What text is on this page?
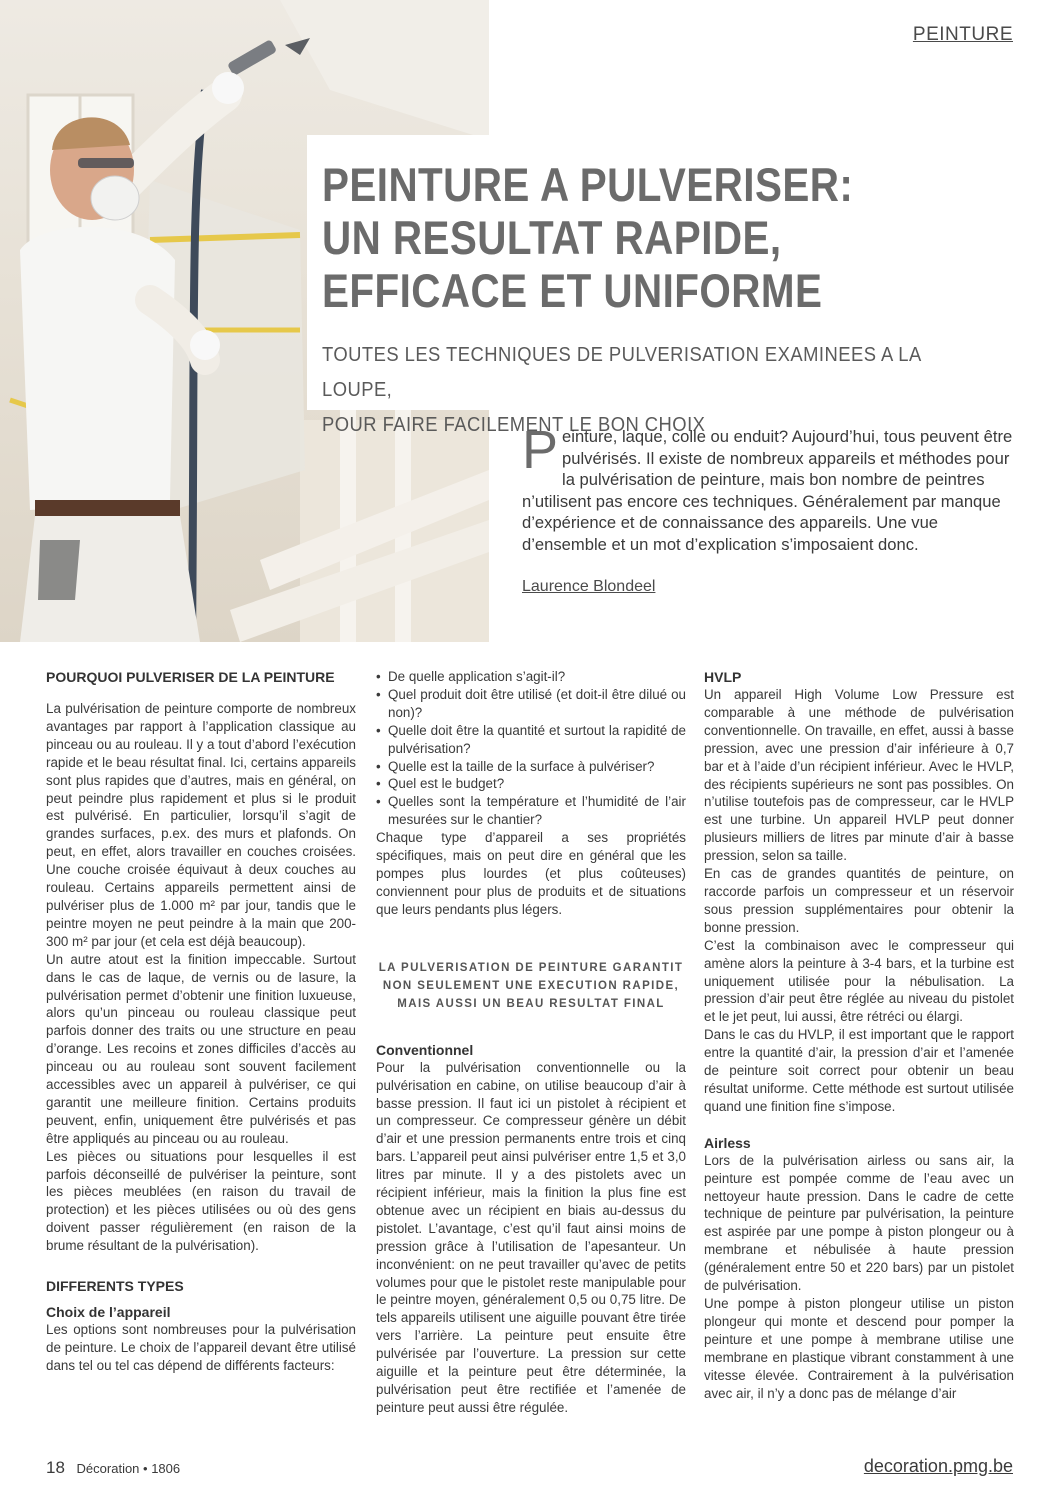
PEINTURE
PEINTURE A PULVERISER:
UN RESULTAT RAPIDE,
EFFICACE ET UNIFORME
TOUTES LES TECHNIQUES DE PULVERISATION EXAMINEES A LA LOUPE,
POUR FAIRE FACILEMENT LE BON CHOIX
Peinture, laque, colle ou enduit? Aujourd’hui, tous peuvent être pulvérisés. Il existe de nombreux appareils et méthodes pour la pulvérisation de peinture, mais bon nombre de peintres n’utilisent pas encore ces techniques. Généralement par manque d’expérience et de connaissance des appareils. Une vue d’ensemble et un mot d’explication s’imposaient donc.
Laurence Blondeel
POURQUOI PULVERISER DE LA PEINTURE

La pulvérisation de peinture comporte de nombreux avantages par rapport à l’application classique au pinceau ou au rouleau. Il y a tout d’abord l’exécution rapide et le beau résultat final. Ici, certains appareils sont plus rapides que d’autres, mais en général, on peut peindre plus rapidement et plus si le produit est pulvérisé. En particulier, lorsqu’il s’agit de grandes surfaces, p.ex. des murs et plafonds. On peut, en effet, alors travailler en couches croisées. Une couche croisée équivaut à deux couches au rouleau. Certains appareils permettent ainsi de pulvériser plus de 1.000 m² par jour, tandis que le peintre moyen ne peut peindre à la main que 200-300 m² par jour (et cela est déjà beaucoup).

Un autre atout est la finition impeccable. Surtout dans le cas de laque, de vernis ou de lasure, la pulvérisation permet d’obtenir une finition luxueuse, alors qu’un pinceau ou rouleau classique peut parfois donner des traits ou une structure en peau d’orange. Les recoins et zones difficiles d’accès au pinceau ou au rouleau sont souvent facilement accessibles avec un appareil à pulvériser, ce qui garantit une meilleure finition. Certains produits peuvent, enfin, uniquement être pulvérisés et pas être appliqués au pinceau ou au rouleau.

Les pièces ou situations pour lesquelles il est parfois déconseillé de pulvériser la peinture, sont les pièces meublées (en raison du travail de protection) et les pièces utilisées ou où des gens doivent passer régulièrement (en raison de la brume résultant de la pulvérisation).

DIFFERENTS TYPES
Choix de l’appareil

Les options sont nombreuses pour la pulvérisation de peinture. Le choix de l’appareil devant être utilisé dans tel ou tel cas dépend de différents facteurs:

• De quelle application s’agit-il?
• Quel produit doit être utilisé (et doit-il être dilué ou non)?
• Quelle doit être la quantité et surtout la rapidité de pulvérisation?
• Quelle est la taille de la surface à pulvériser?
• Quel est le budget?
• Quelles sont la température et l’humidité de l’air mesurées sur le chantier?

Chaque type d’appareil a ses propriétés spécifiques, mais on peut dire en général que les pompes plus lourdes (et plus coûteuses) conviennent pour plus de produits et de situations que leurs pendants plus légers.

LA PULVERISATION DE PEINTURE GARANTIT NON SEULEMENT UNE EXECUTION RAPIDE, MAIS AUSSI UN BEAU RESULTAT FINAL
Conventionnel

Pour la pulvérisation conventionnelle ou la pulvérisation en cabine, on utilise beaucoup d’air à basse pression. Il faut ici un pistolet à récipient et un compresseur. Ce compresseur génère un débit d’air et une pression permanents entre trois et cinq bars. L’appareil peut ainsi pulvériser entre 1,5 et 3,0 litres par minute. Il y a des pistolets avec un récipient inférieur, mais la finition la plus fine est obtenue avec un récipient en biais au-dessus du pistolet. L’avantage, c’est qu’il faut ainsi moins de pression grâce à l’utilisation de l’apesanteur. Un inconvénient: on ne peut travailler qu’avec de petits volumes pour que le pistolet reste manipulable pour le peintre moyen, généralement 0,5 ou 0,75 litre. De tels appareils utilisent une aiguille pouvant être tirée vers l’arrière. La peinture peut ensuite être pulvérisée par l’ouverture. La pression sur cette aiguille et la peinture peut être déterminée, la pulvérisation peut être rectifiée et l’amenée de peinture peut aussi être régulée.

HVLP

Un appareil High Volume Low Pressure est comparable à une méthode de pulvérisation conventionnelle. On travaille, en effet, aussi à basse pression, avec une pression d’air inférieure à 0,7 bar et à l’aide d’un récipient inférieur. Avec le HVLP, des récipients supérieurs ne sont pas possibles. On n’utilise toutefois pas de compresseur, car le HVLP est une turbine. Un appareil HVLP peut donner plusieurs milliers de litres par minute d’air à basse pression, selon sa taille.

En cas de grandes quantités de peinture, on raccorde parfois un compresseur et un réservoir sous pression supplémentaires pour obtenir la bonne pression.

C’est la combinaison avec le compresseur qui amène alors la peinture à 3-4 bars, et la turbine est uniquement utilisée pour la nébulisation. La pression d’air peut être réglée au niveau du pistolet et le jet peut, lui aussi, être rétréci ou élargi.

Dans le cas du HVLP, il est important que le rapport entre la quantité d’air, la pression d’air et l’amenée de peinture soit correct pour obtenir un beau résultat uniforme. Cette méthode est surtout utilisée quand une finition fine s’impose.

Airless

Lors de la pulvérisation airless ou sans air, la peinture est pompée comme de l’eau avec un nettoyeur haute pression. Dans le cadre de cette technique de peinture par pulvérisation, la peinture est aspirée par une pompe à piston plongeur ou à membrane et nébulisée à haute pression (généralement entre 50 et 220 bars) par un pistolet de pulvérisation.

Une pompe à piston plongeur utilise un piston plongeur qui monte et descend pour pomper la peinture et une pompe à membrane utilise une membrane en plastique vibrant constamment à une vitesse élevée. Contrairement à la pulvérisation avec air, il n’y a donc pas de mélange d’air

18 Décoration • 1806	decoration.pmg.be
